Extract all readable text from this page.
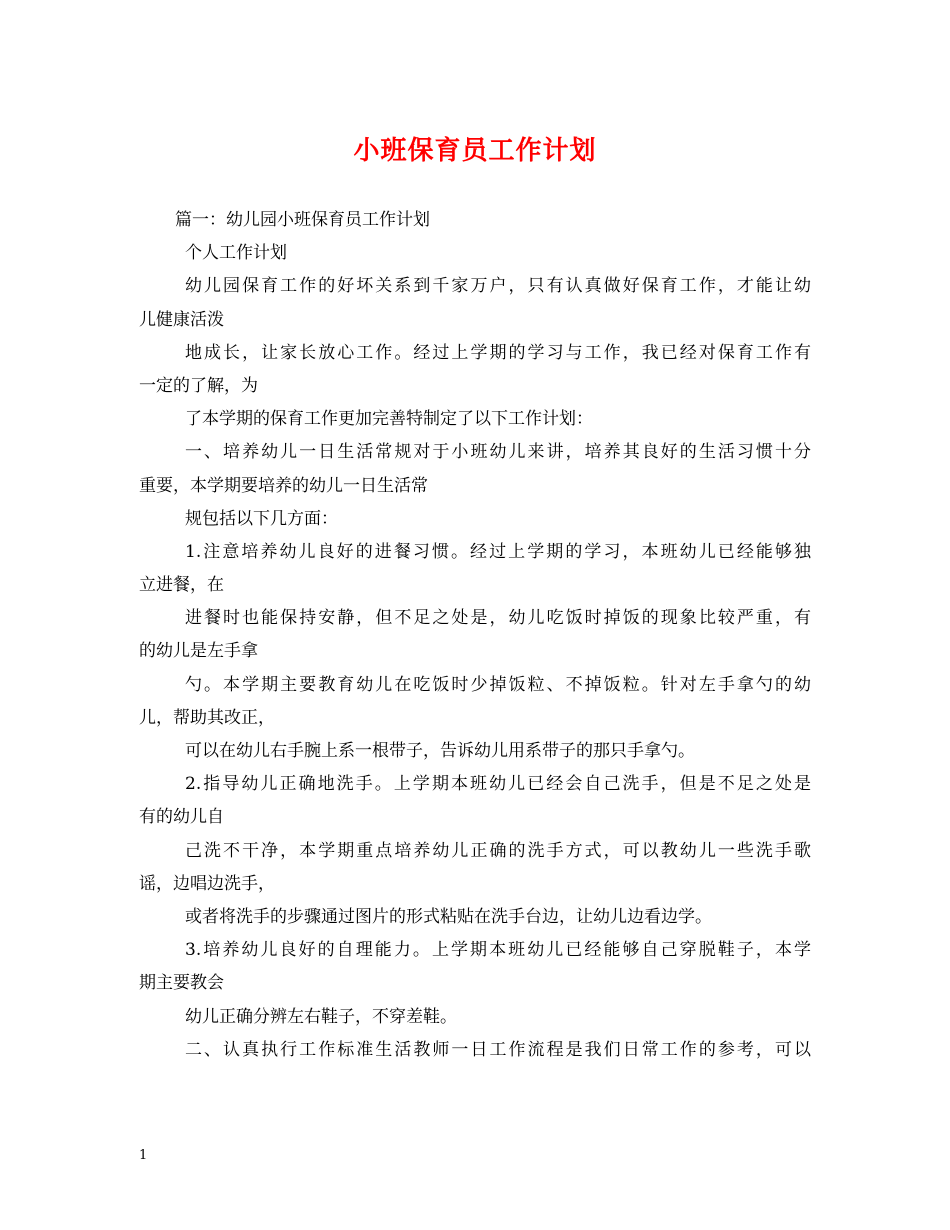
小班保育员工作计划
篇一：幼儿园小班保育员工作计划
个人工作计划
幼儿园保育工作的好坏关系到千家万户，只有认真做好保育工作，才能让幼
儿健康活泼
地成长，让家长放心工作。经过上学期的学习与工作，我已经对保育工作有
一定的了解，为
了本学期的保育工作更加完善特制定了以下工作计划：
一、培养幼儿一日生活常规对于小班幼儿来讲，培养其良好的生活习惯十分
重要，本学期要培养的幼儿一日生活常
规包括以下几方面：
1.注意培养幼儿良好的进餐习惯。经过上学期的学习，本班幼儿已经能够独
立进餐，在
进餐时也能保持安静，但不足之处是，幼儿吃饭时掉饭的现象比较严重，有
的幼儿是左手拿
勺。本学期主要教育幼儿在吃饭时少掉饭粒、不掉饭粒。针对左手拿勺的幼
儿，帮助其改正，
可以在幼儿右手腕上系一根带子，告诉幼儿用系带子的那只手拿勺。
2.指导幼儿正确地洗手。上学期本班幼儿已经会自己洗手，但是不足之处是
有的幼儿自
己洗不干净，本学期重点培养幼儿正确的洗手方式，可以教幼儿一些洗手歌
谣，边唱边洗手，
或者将洗手的步骤通过图片的形式粘贴在洗手台边，让幼儿边看边学。
3.培养幼儿良好的自理能力。上学期本班幼儿已经能够自己穿脱鞋子，本学
期主要教会
幼儿正确分辨左右鞋子，不穿差鞋。
二、认真执行工作标准生活教师一日工作流程是我们日常工作的参考，可以
1
